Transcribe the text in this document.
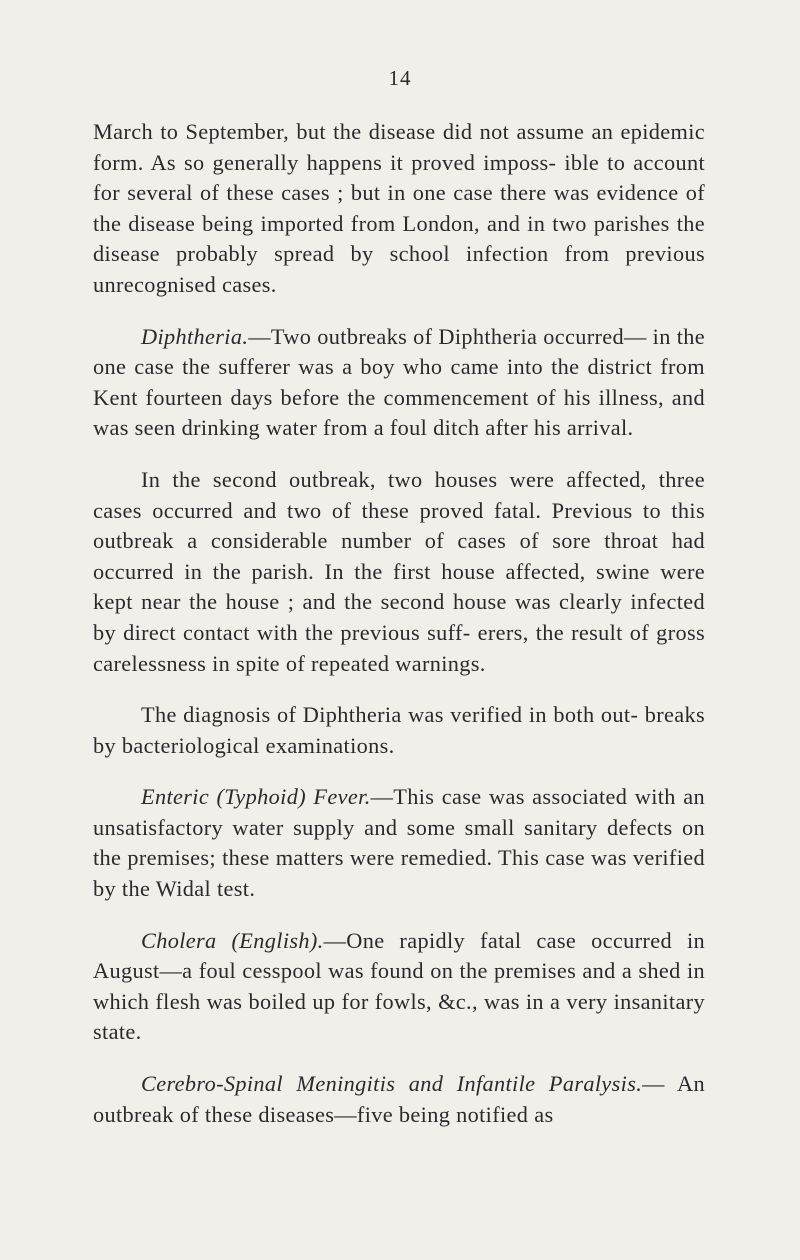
14

March to September, but the disease did not assume an epidemic form. As so generally happens it proved imposs- ible to account for several of these cases ; but in one case there was evidence of the disease being imported from London, and in two parishes the disease probably spread by school infection from previous unrecognised cases.

Diphtheria.—Two outbreaks of Diphtheria occurred— in the one case the sufferer was a boy who came into the district from Kent fourteen days before the commencement of his illness, and was seen drinking water from a foul ditch after his arrival.

In the second outbreak, two houses were affected, three cases occurred and two of these proved fatal. Previous to this outbreak a considerable number of cases of sore throat had occurred in the parish. In the first house affected, swine were kept near the house ; and the second house was clearly infected by direct contact with the previous suff- erers, the result of gross carelessness in spite of repeated warnings.

The diagnosis of Diphtheria was verified in both out- breaks by bacteriological examinations.

Enteric (Typhoid) Fever.—This case was associated with an unsatisfactory water supply and some small sanitary defects on the premises; these matters were remedied. This case was verified by the Widal test.

Cholera (English).—One rapidly fatal case occurred in August—a foul cesspool was found on the premises and a shed in which flesh was boiled up for fowls, &c., was in a very insanitary state.

Cerebro-Spinal Meningitis and Infantile Paralysis.— An outbreak of these diseases—five being notified as
